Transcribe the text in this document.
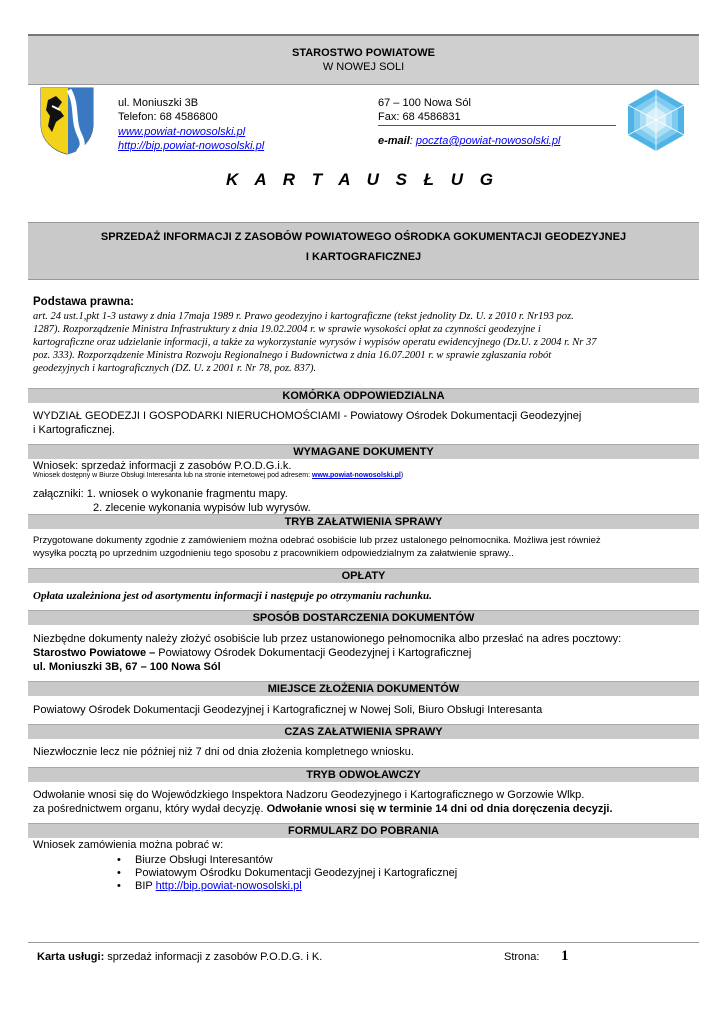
STAROSTWO POWIATOWE
W NOWEJ SOLI
ul. Moniuszki 3B
Telefon: 68 4586800
www.powiat-nowosolski.pl
http://bip.powiat-nowosolski.pl
67 – 100 Nowa Sól
Fax: 68 4586831
e-mail: poczta@powiat-nowosolski.pl
K A R T A U S Ł U G
SPRZEDAŻ INFORMACJI Z ZASOBÓW POWIATOWEGO OŚRODKA GOKUMENTACJI GEODEZYJNEJ
I KARTOGRAFICZNEJ
Podstawa prawna:
art. 24 ust.1,pkt 1-3 ustawy z dnia 17maja 1989 r. Prawo geodezyjno i kartograficzne (tekst jednolity Dz. U. z 2010 r. Nr193 poz.
1287). Rozporządzenie Ministra Infrastruktury z dnia 19.02.2004 r. w sprawie wysokości opłat za czynności geodezyjne i
kartograficzne oraz udzielanie informacji, a także za wykorzystanie wyrysów i wypisów operatu ewidencyjnego (Dz.U. z 2004 r. Nr 37
poz. 333). Rozporządzenie Ministra Rozwoju Regionalnego i Budownictwa z dnia 16.07.2001 r. w sprawie zgłaszania robót
geodezyjnych i kartograficznych (DZ. U. z 2001 r. Nr 78, poz. 837).
KOMÓRKA ODPOWIEDZIALNA
WYDZIAŁ GEODEZJI I GOSPODARKI NIERUCHOMOŚCIAMI - Powiatowy Ośrodek Dokumentacji Geodezyjnej
i Kartograficznej.
WYMAGANE DOKUMENTY
Wniosek: sprzedaż informacji z zasobów P.O.D.G.i.k.
Wniosek dostępny w Biurze Obsługi Interesanta lub na stronie internetowej pod adresem: www.powiat-nowosolski.pl)
załączniki: 1. wniosek o wykonanie fragmentu mapy.
2. zlecenie wykonania wypisów lub wyrysów.
TRYB ZAŁATWIENIA SPRAWY
Przygotowane dokumenty zgodnie z zamówieniem można odebrać osobiście lub przez ustalonego pełnomocnika. Możliwa jest również
wysyłka pocztą po uprzednim uzgodnieniu tego sposobu z pracownikiem odpowiedzialnym za załatwienie sprawy..
OPŁATY
Opłata uzależniona jest od asortymentu informacji i następuje po otrzymaniu rachunku.
SPOSÓB DOSTARCZENIA DOKUMENTÓW
Niezbędne dokumenty należy złożyć osobiście lub przez ustanowionego pełnomocnika albo przesłać na adres pocztowy:
Starostwo Powiatowe – Powiatowy Ośrodek Dokumentacji Geodezyjnej i Kartograficznej
ul. Moniuszki 3B, 67 – 100 Nowa Sól
MIEJSCE ZŁOŻENIA DOKUMENTÓW
Powiatowy Ośrodek Dokumentacji Geodezyjnej i Kartograficznej w Nowej Soli, Biuro Obsługi Interesanta
CZAS ZAŁATWIENIA SPRAWY
Niezwłocznie lecz nie później niż 7 dni od dnia złożenia kompletnego wniosku.
TRYB ODWOŁAWCZY
Odwołanie wnosi się do Wojewódzkiego Inspektora Nadzoru Geodezyjnego i Kartograficznego w Gorzowie Wlkp.
za pośrednictwem organu, który wydał decyzję. Odwołanie wnosi się w terminie 14 dni od dnia doręczenia decyzji.
FORMULARZ DO POBRANIA
Wniosek zamówienia można pobrać w:
• Biurze Obsługi Interesantów
• Powiatowym Ośrodku Dokumentacji Geodezyjnej i Kartograficznej
• BIP http://bip.powiat-nowosolski.pl
Karta usługi: sprzedaż informacji z zasobów P.O.D.G. i K.	Strona: 1
